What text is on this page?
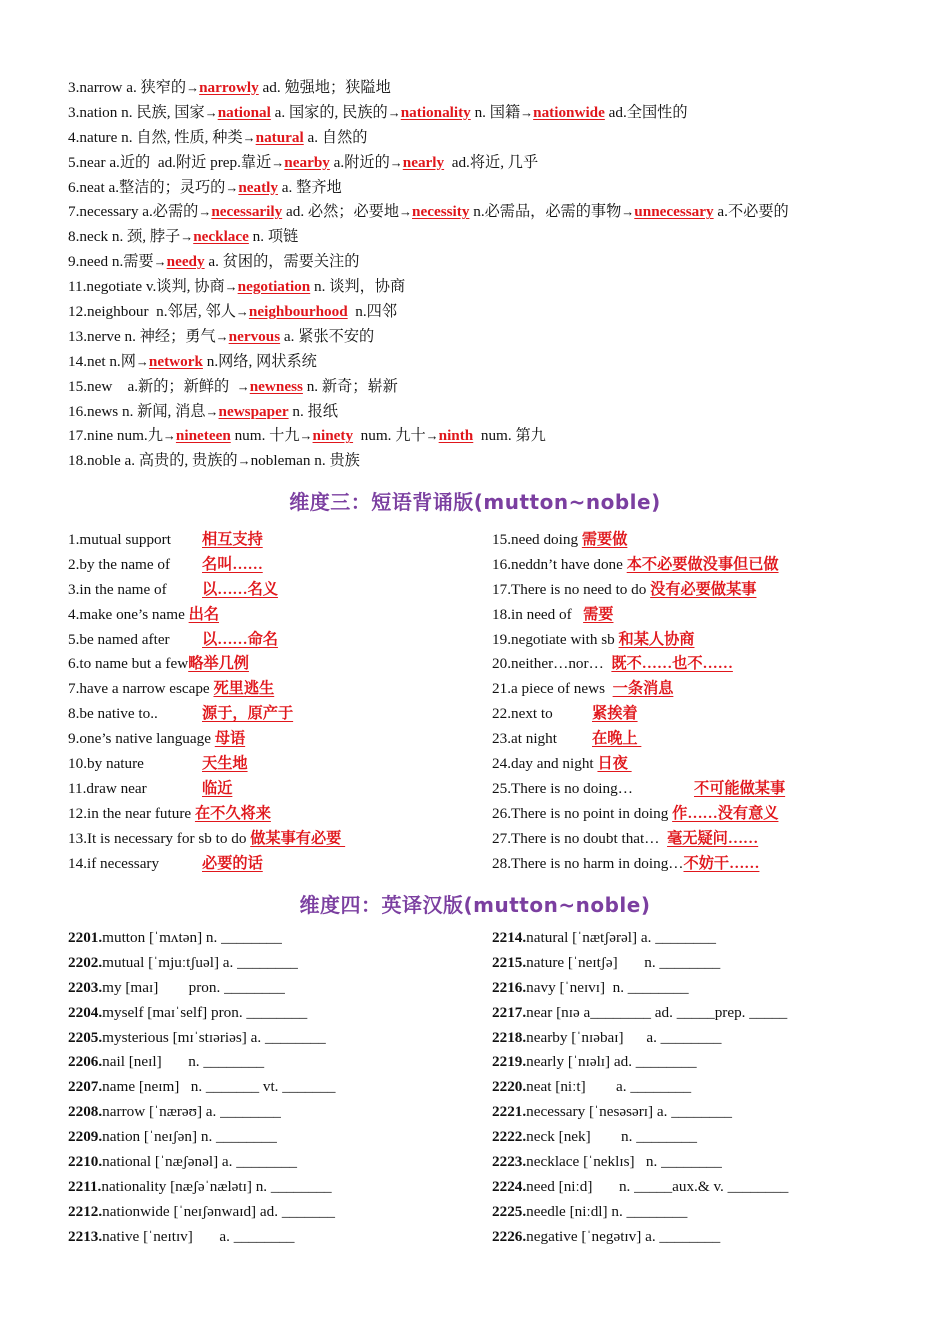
3.narrow a. 狭窄的→narrowly ad. 勉强地；狭隘地
3.nation n. 民族, 国家→national a. 国家的, 民族的→nationality n. 国籍→nationwide ad.全国性的
4.nature n. 自然, 性质, 种类→natural a. 自然的
5.near a.近的  ad.附近 prep.靠近→nearby a.附近的→nearly  ad.将近, 几乎
6.neat a.整洁的；灵巧的→neatly a. 整齐地
7.necessary a.必需的→necessarily ad. 必然；必要地→necessity n.必需品，必需的事物→unnecessary a.不必要的
8.neck n. 颈, 脖子→necklace n. 项链
9.need n.需要→needy a. 贫困的，需要关注的
11.negotiate v.谈判, 协商→negotiation n. 谈判，协商
12.neighbour  n.邻居, 邻人→neighbourhood  n.四邻
13.nerve n. 神经；勇气→nervous a. 紧张不安的
14.net n.网→network n.网络, 网状系统
15.new    a.新的；新鲜的  →newness n. 新奇；崭新
16.news n. 新闻, 消息→newspaper n. 报纸
17.nine num.九→nineteen num. 十九→ninety  num. 九十→ninth  num. 第九
18.noble a. 高贵的, 贵族的→nobleman n. 贵族
维度三：短语背诵版(mutton~noble)
1.mutual support 相互支持
2.by the name of 名叫……
3.in the name of 以……名义
4.make one’s name 出名
5.be named after 以……命名
6.to name but a few略举几例
7.have a narrow escape 死里逃生
8.be native to..	源于，原产于
9.one’s native language 母语
10.by nature	天生地
11.draw near	临近
12.in the near future 在不久将来
13.It is necessary for sb to do 做某事有必要
14.if necessary	必要的话
15.need doing 需要做
16.neddn’t have done 本不必要做没事但已做
17.There is no need to do 没有必要做某事
18.in need of   需要
19.negotiate with sb 和某人协商
20.neither…nor…  既不……也不……
21.a piece of news  一条消息
22.next to	紧挨着
23.at night 在晚上
24.day and night 日夜
25.There is no doing…	不可能做某事
26.There is no point in doing 作……没有意义
27.There is no doubt that…  毫无疑问……
28.There is no harm in doing…不妨干……
维度四：英译汉版(mutton~noble)
2201.mutton [ˈmʌtən] n. ________
2202.mutual [ˈmjuːtʃuəl] a. ________
2203.my [maɪ]        pron. ________
2204.myself [maɪˈself] pron. ________
2205.mysterious [mɪˈstɪəriəs] a. ________
2206.nail [neɪl]       n. ________
2207.name [neɪm]   n. _______ vt. _______
2208.narrow [ˈnærəʊ] a. ________
2209.nation [ˈneɪʃən] n. ________
2210.national [ˈnæʃənəl] a. ________
2211.nationality [næʃəˈnælətɪ] n. ________
2212.nationwide [ˈneɪʃənwaɪd] ad. _______
2213.native [ˈneɪtɪv]       a. ________
2214.natural [ˈnætʃərəl] a. ________
2215.nature [ˈneɪtʃə]       n. ________
2216.navy [ˈneɪvɪ]  n. ________
2217.near [nɪə a________ ad. _____prep. _____
2218.nearby [ˈnɪəbaɪ]      a. ________
2219.nearly [ˈnɪəlɪ] ad. ________
2220.neat [niːt]        a. ________
2221.necessary [ˈnesəsərɪ] a. ________
2222.neck [nek]        n. ________
2223.necklace [ˈneklɪs]   n. ________
2224.need [niːd]       n. _____aux.& v. ________
2225.needle [niːdl] n. ________
2226.negative [ˈnegətɪv] a. ________
